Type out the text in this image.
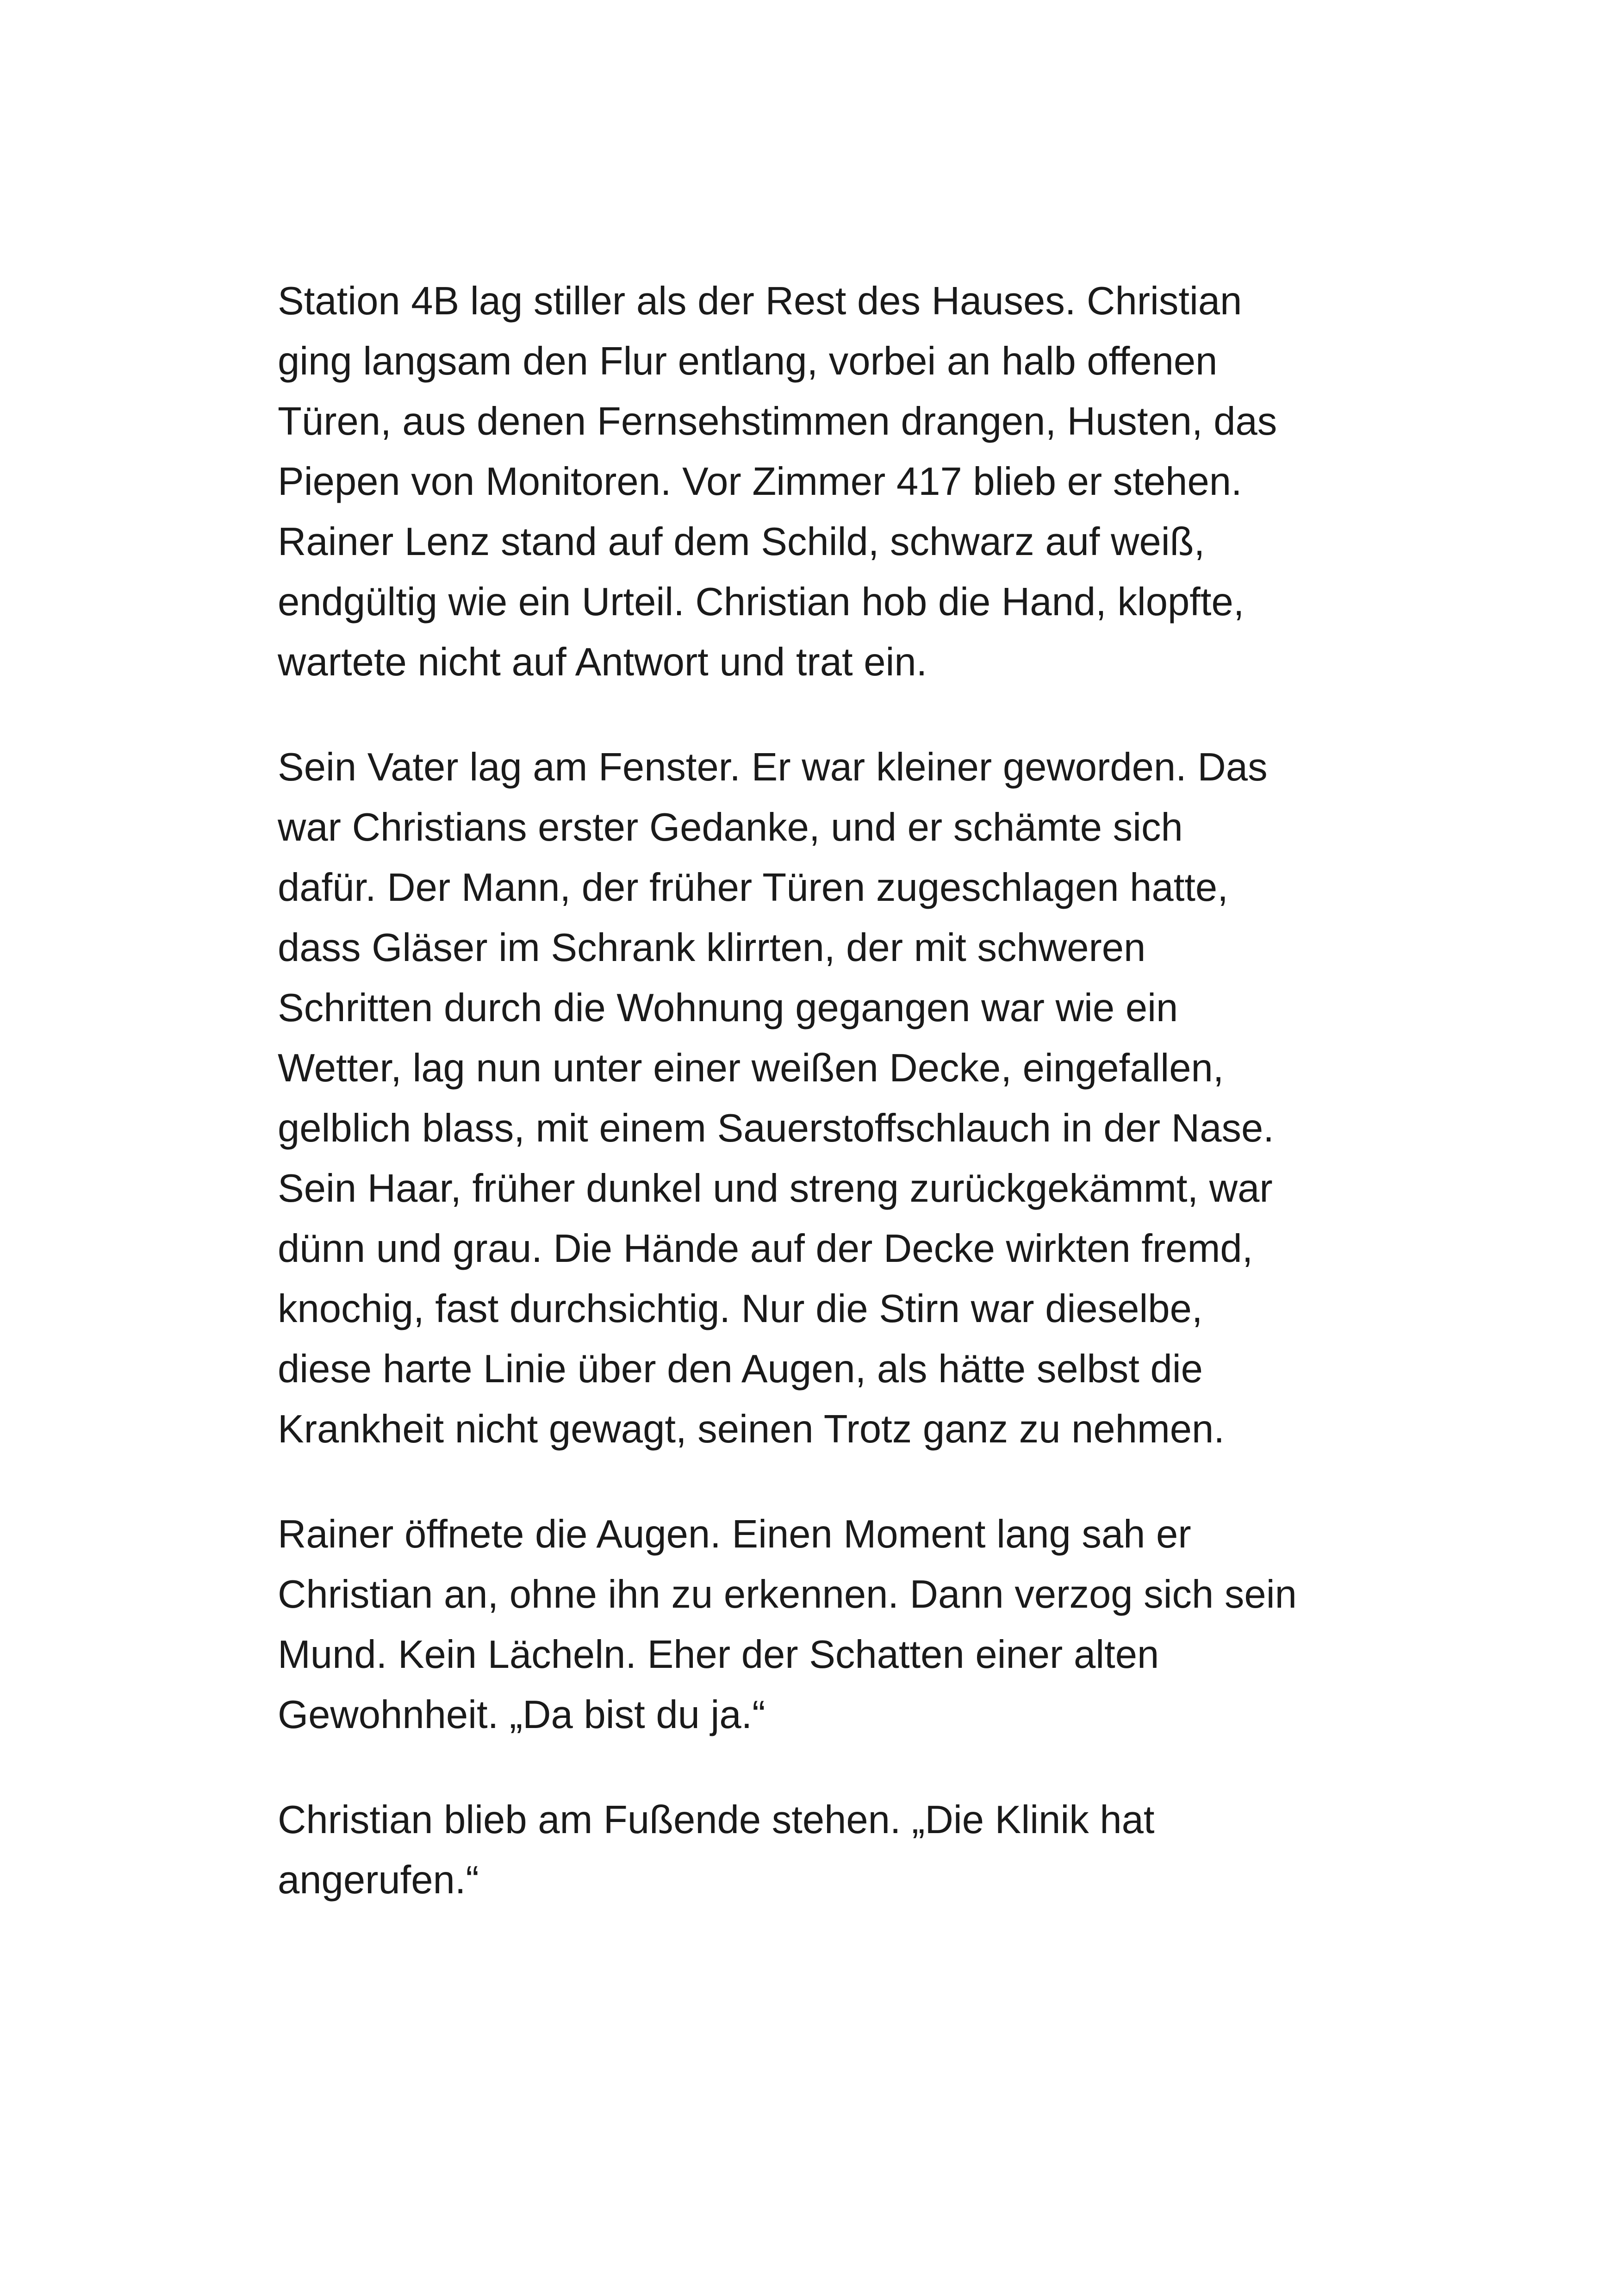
Station 4B lag stiller als der Rest des Hauses. Christian
ging langsam den Flur entlang, vorbei an halb offenen
Türen, aus denen Fernsehstimmen drangen, Husten, das
Piepen von Monitoren. Vor Zimmer 417 blieb er stehen.
Rainer Lenz stand auf dem Schild, schwarz auf weiß,
endgültig wie ein Urteil. Christian hob die Hand, klopfte,
wartete nicht auf Antwort und trat ein.

Sein Vater lag am Fenster. Er war kleiner geworden. Das
war Christians erster Gedanke, und er schämte sich
dafür. Der Mann, der früher Türen zugeschlagen hatte,
dass Gläser im Schrank klirrten, der mit schweren
Schritten durch die Wohnung gegangen war wie ein
Wetter, lag nun unter einer weißen Decke, eingefallen,
gelblich blass, mit einem Sauerstoffschlauch in der Nase.
Sein Haar, früher dunkel und streng zurückgekämmt, war
dünn und grau. Die Hände auf der Decke wirkten fremd,
knochig, fast durchsichtig. Nur die Stirn war dieselbe,
diese harte Linie über den Augen, als hätte selbst die
Krankheit nicht gewagt, seinen Trotz ganz zu nehmen.

Rainer öffnete die Augen. Einen Moment lang sah er
Christian an, ohne ihn zu erkennen. Dann verzog sich sein
Mund. Kein Lächeln. Eher der Schatten einer alten
Gewohnheit. „Da bist du ja.“

Christian blieb am Fußende stehen. „Die Klinik hat
angerufen.“
